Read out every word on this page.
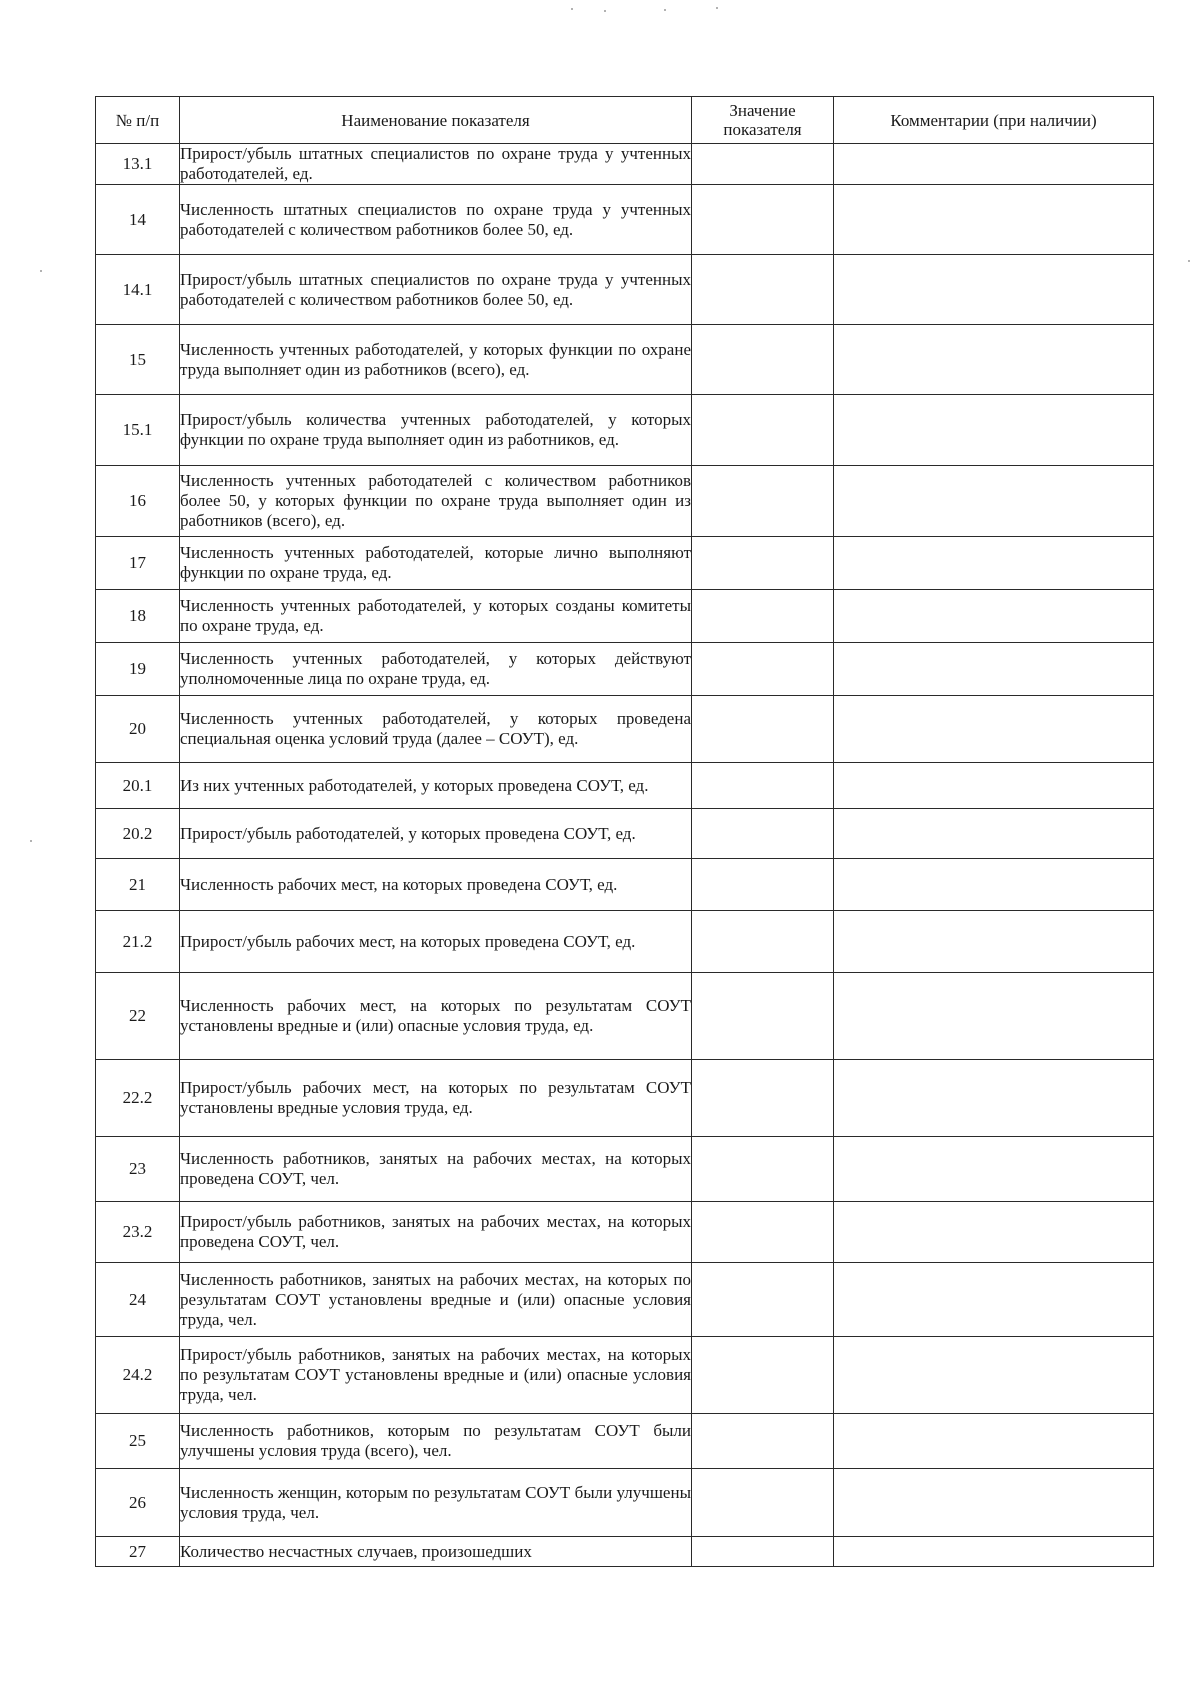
№ п/п	Наименование показателя	Значение показателя	Комментарии (при наличии)
13.1	Прирост/убыль штатных специалистов по охране труда у учтенных работодателей, ед.		
14	Численность штатных специалистов по охране труда у учтенных работодателей с количеством работников более 50, ед.		
14.1	Прирост/убыль штатных специалистов по охране труда у учтенных работодателей с количеством работников более 50, ед.		
15	Численность учтенных работодателей, у которых функции по охране труда выполняет один из работников (всего), ед.		
15.1	Прирост/убыль количества учтенных работодателей, у которых функции по охране труда выполняет один из работников, ед.		
16	Численность учтенных работодателей с количеством работников более 50, у которых функции по охране труда выполняет один из работников (всего), ед.		
17	Численность учтенных работодателей, которые лично выполняют функции по охране труда, ед.		
18	Численность учтенных работодателей, у которых созданы комитеты по охране труда, ед.		
19	Численность учтенных работодателей, у которых действуют уполномоченные лица по охране труда, ед.		
20	Численность учтенных работодателей, у которых проведена специальная оценка условий труда (далее – СОУТ), ед.		
20.1	Из них учтенных работодателей, у которых проведена СОУТ, ед.		
20.2	Прирост/убыль работодателей, у которых проведена СОУТ, ед.		
21	Численность рабочих мест, на которых проведена СОУТ, ед.		
21.2	Прирост/убыль рабочих мест, на которых проведена СОУТ, ед.		
22	Численность рабочих мест, на которых по результатам СОУТ установлены вредные и (или) опасные условия труда, ед.		
22.2	Прирост/убыль рабочих мест, на которых по результатам СОУТ установлены вредные условия труда, ед.		
23	Численность работников, занятых на рабочих местах, на которых проведена СОУТ, чел.		
23.2	Прирост/убыль работников, занятых на рабочих местах, на которых проведена СОУТ, чел.		
24	Численность работников, занятых на рабочих местах, на которых по результатам СОУТ установлены вредные и (или) опасные условия труда, чел.		
24.2	Прирост/убыль работников, занятых на рабочих местах, на которых по результатам СОУТ установлены вредные и (или) опасные условия труда, чел.		
25	Численность работников, которым по результатам СОУТ были улучшены условия труда (всего), чел.		
26	Численность женщин, которым по результатам СОУТ были улучшены условия труда, чел.		
27	Количество несчастных случаев, произошедших		
